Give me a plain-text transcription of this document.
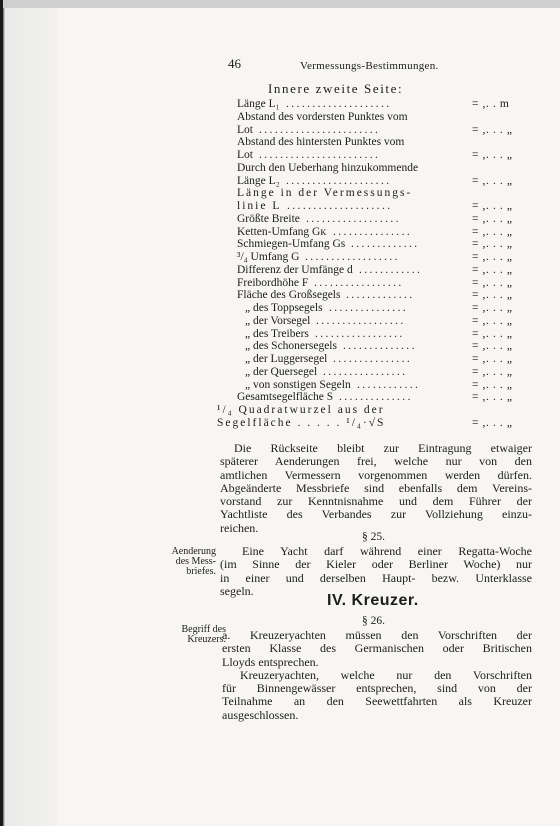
46	Vermessungs-Bestimmungen.
Innere zweite Seite:
Länge L₁	= ,. . m
....................
Abstand des vordersten Punktes vom
Lot	= ,. . . „
.......................
Abstand des hintersten Punktes vom
Lot	= ,. . . „
.......................
Durch den Ueberhang hinzukommende
Länge L₂	= ,. . . „
....................
Länge in der Vermessungs-
linie L	= ,. . . „
....................
Größte Breite	= ,. . . „
..................
Ketten-Umfang Gᴋ	= ,. . . „
...............
Schmiegen-Umfang Gs	= ,. . . „
.............
³/₄ Umfang G	= ,. . . „
..................
Differenz der Umfänge d	= ,. . . „
............
Freibordhöhe F	= ,. . . „
.................
Fläche des Großsegels	= ,. . . „
.............
„ des Toppsegels	= ,. . . „
...............
„ der Vorsegel	= ,. . . „
.................
„ des Treibers	= ,. . . „
.................
„ des Schonersegels	= ,. . . „
..............
„ der Luggersegel	= ,. . . „
...............
„ der Quersegel	= ,. . . „
................
„ von sonstigen Segeln	= ,. . . „
............
Gesamtsegelfläche S	= ,. . . „
..............
¹/₄ Quadratwurzel aus der
Segelfläche . . . . . ¹/₄·√S	= ,. . . „
Die Rückseite bleibt zur Eintragung etwaiger
späterer Aenderungen frei, welche nur von den
amtlichen Vermessern vorgenommen werden dürfen.
Abgeänderte Messbriefe sind ebenfalls dem Vereins-
vorstand zur Kenntnisnahme und dem Führer der
Yachtliste des Verbandes zur Vollziehung einzu-
reichen.
§ 25.
Aenderung
des Mess-
briefes.
Eine Yacht darf während einer Regatta-Woche
(im Sinne der Kieler oder Berliner Woche) nur
in einer und derselben Haupt- bezw. Unterklasse
segeln.
IV. Kreuzer.
§ 26.
Begriff des
Kreuzers.
a. Kreuzeryachten müssen den Vorschriften der
ersten Klasse des Germanischen oder Britischen
Lloyds entsprechen.
Kreuzeryachten, welche nur den Vorschriften
für Binnengewässer entsprechen, sind von der
Teilnahme an den Seewettfahrten als Kreuzer
ausgeschlossen.
